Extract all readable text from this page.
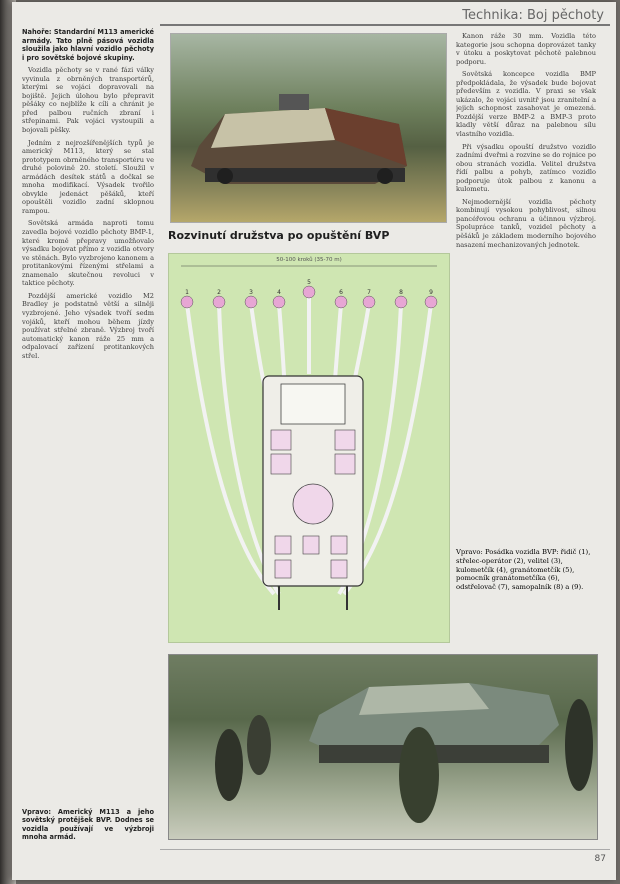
Technika: Boj pěchoty

Nahoře: Standardní M113 americké armády. Tato plně pásová vozidla sloužila jako hlavní vozidlo pěchoty i pro sovětské bojové skupiny.

Vozidla pěchoty se v rané fázi války vyvinula z obrněných transportérů, kterými se vojáci dopravovali na bojiště. Jejich úlohou bylo přepravit pěšáky co nejblíže k cíli a chránit je před palbou ručních zbraní i střepinami. Pak vojáci vystoupili a bojovali pěšky.

Jedním z nejrozšířenějších typů je americký M113, který se stal prototypem obrněného transportéru ve druhé polovině 20. století. Sloužil v armádách desítek států a dočkal se mnoha modifikací. Výsadek tvořilo obvykle jedenáct pěšáků, kteří opouštěli vozidlo zadní sklopnou rampou.

Sovětská armáda naproti tomu zavedla bojové vozidlo pěchoty BMP-1, které kromě přepravy umožňovalo výsadku bojovat přímo z vozidla otvory ve stěnách. Bylo vyzbrojeno kanonem a protitankovými řízenými střelami a znamenalo skutečnou revoluci v taktice pěchoty.

Pozdější americké vozidlo M2 Bradley je podstatně větší a silněji vyzbrojené. Jeho výsadek tvoří sedm vojáků, kteří mohou během jízdy používat střelné zbraně. Výzbroj tvoří automatický kanon ráže 25 mm a odpalovací zařízení protitankových střel.

Vpravo: Americký M113 a jeho sovětský protějšek BVP. Dodnes se vozidla používají ve výzbroji mnoha armád.

Rozvinutí družstva po opuštění BVP
50-100 kroků (35-70 m)
1	2	3	4
5
6	7	8	9

Kanon ráže 30 mm. Vozidla této kategorie jsou schopna doprovázet tanky v útoku a poskytovat pěchotě palebnou podporu.

Sovětská koncepce vozidla BMP předpokládala, že výsadek bude bojovat především z vozidla. V praxi se však ukázalo, že vojáci uvnitř jsou zranitelní a jejich schopnost zasahovat je omezená. Pozdější verze BMP-2 a BMP-3 proto kladly větší důraz na palebnou sílu vlastního vozidla.

Při výsadku opouští družstvo vozidlo zadními dveřmi a rozvine se do rojnice po obou stranách vozidla. Velitel družstva řídí palbu a pohyb, zatímco vozidlo podporuje útok palbou z kanonu a kulometu.

Nejmodernější vozidla pěchoty kombinují vysokou pohyblivost, silnou pancéřovou ochranu a účinnou výzbroj. Spolupráce tanků, vozidel pěchoty a pěšáků je základem moderního bojového nasazení mechanizovaných jednotek.

Vpravo: Posádka vozidla BVP: řidič (1), střelec-operátor (2), velitel (3), kulometčík (4), granátometčík (5), pomocník granátometčíka (6), odstřelovač (7), samopalník (8) a (9).
87
